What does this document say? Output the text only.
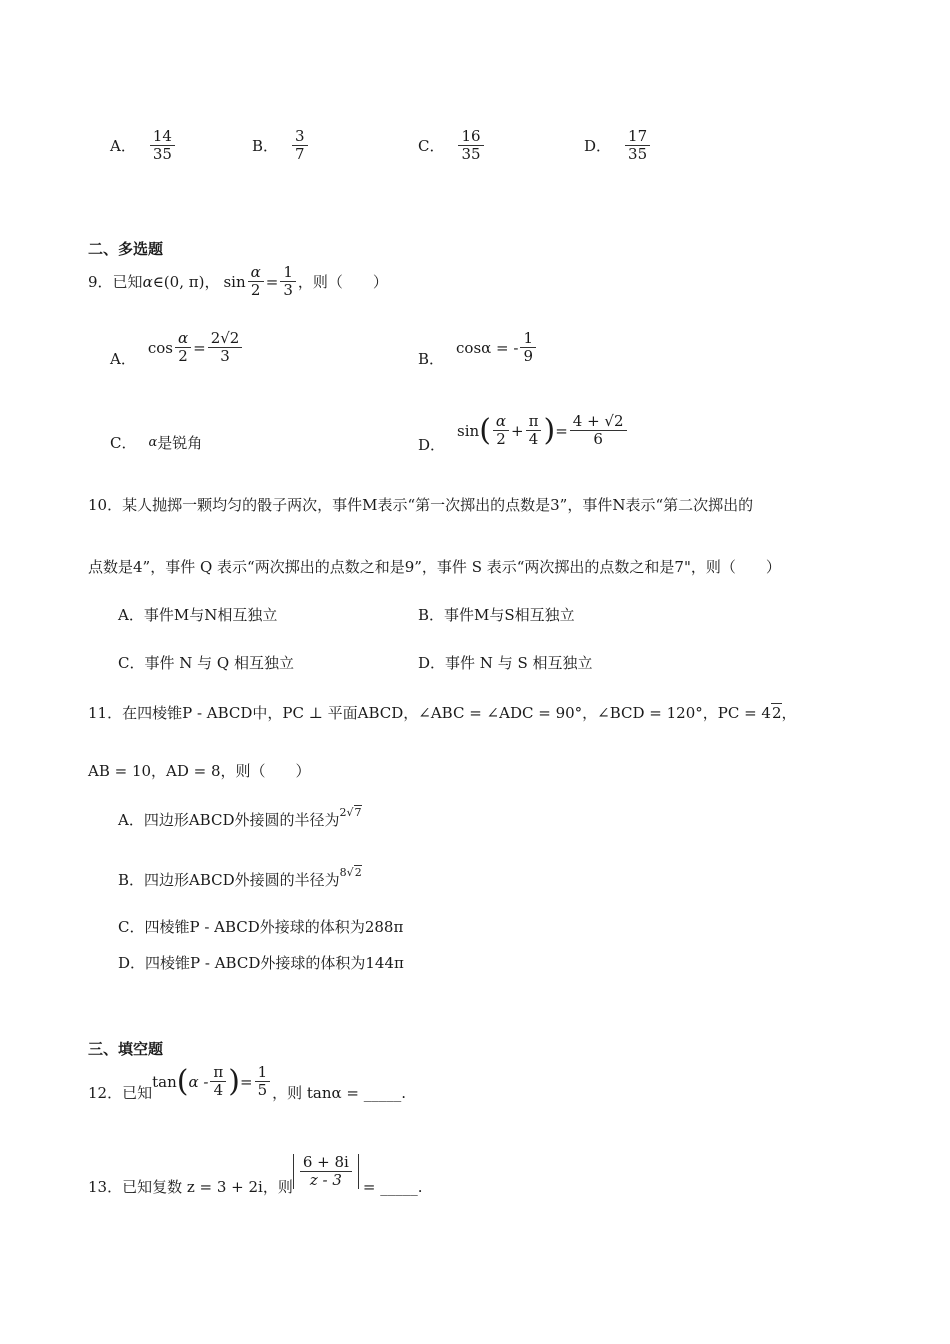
A． $\frac{14}{35}$	B． $\frac{3}{7}$	C． $\frac{16}{35}$	D． $\frac{17}{35}$
二、多选题
9． 已知 α ∈(0, π) ， $\sin \frac{\alpha}{2} = \frac{1}{3}$ ，则（　　）
A．
$\cos \frac{\alpha}{2} = \frac{2√2}{3}$	B．
cosα = - $\frac{1}{9}$
C． α 是锐角	D．
sin ( $\frac{\alpha}{2} + \frac{\pi}{4}$ ) = $\frac{4 + √2}{6}$
10．某人抛掷一颗均匀的骰子两次，事件M表示“第一次掷出的点数是3”，事件N表示“第二次掷出的
点数是4”，事件 Q 表示“两次掷出的点数之和是9”，事件 S 表示“两次掷出的点数之和是7"，则（　　）
A．事件M与N相互独立	B．事件M与S相互独立
C．事件 N 与 Q 相互独立	D．事件 N 与 S 相互独立
11．在四棱锥P - ABCD中，PC ⊥ 平面ABCD，∠ABC = ∠ADC = 90°，∠BCD = 120°，PC = 42，
AB = 10，AD = 8，则（　　）
A．四边形ABCD外接圆的半径为$^{2√7}$
B．四边形ABCD外接圆的半径为$^{8√2}$
C．四棱锥P - ABCD外接球的体积为288π
D．四棱锥P - ABCD外接球的体积为144π
三、填空题
12．已知
tan ( α - $\frac{\pi}{4}$ ) = $\frac{1}{5}$ ，则 tanα = _____.
13．已知复数 z = 3 + 2i，则 $\frac{6 + 8i}{z - 3}$ = _____.
